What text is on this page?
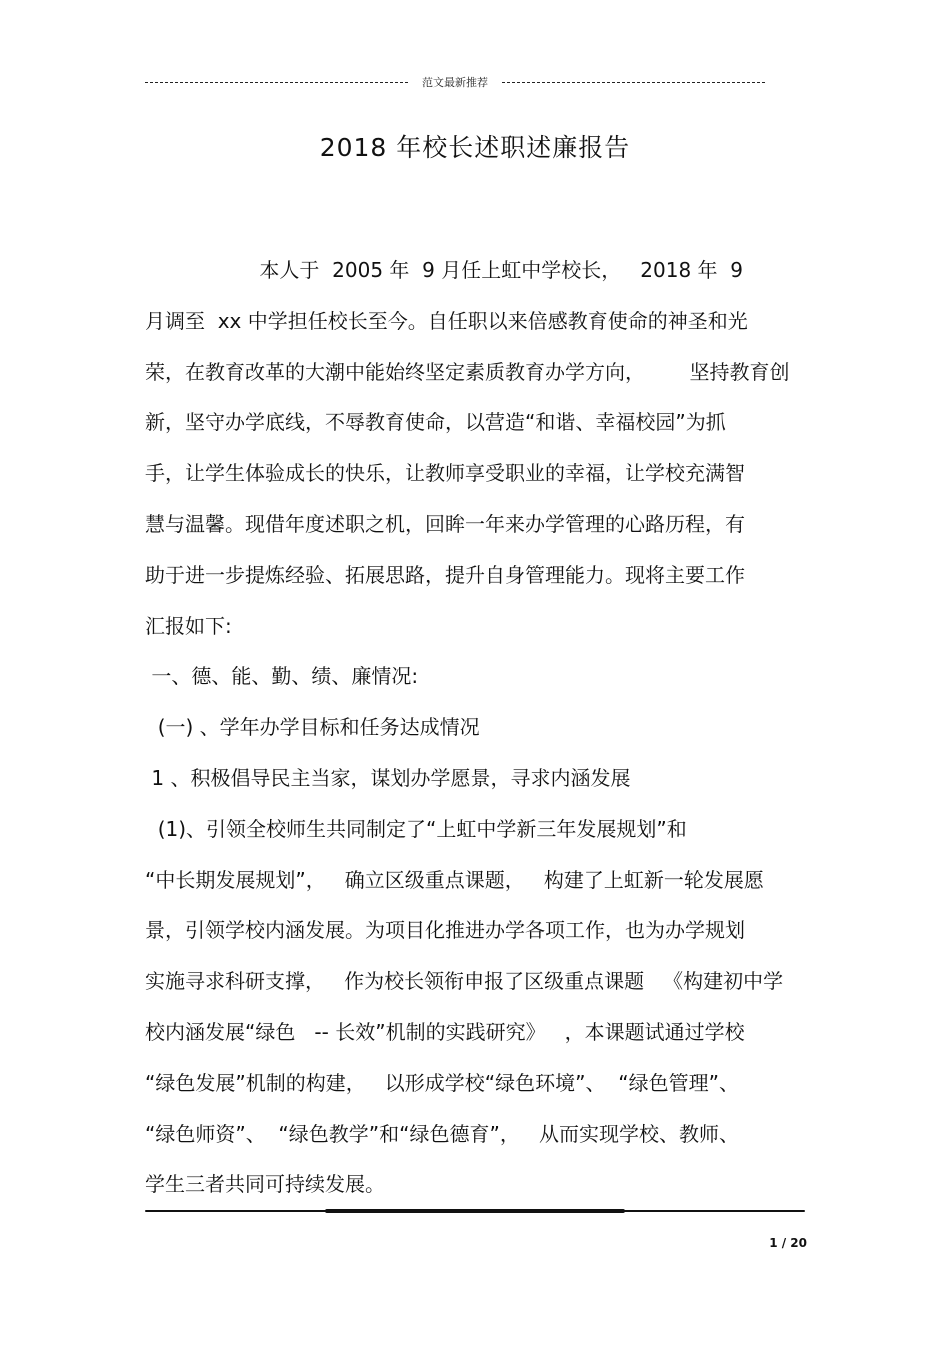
范文最新推荐
2018 年校长述职述廉报告
本人于  2005 年  9 月任上虹中学校长，   2018 年  9
月调至  xx 中学担任校长至今。自任职以来倍感教育使命的神圣和光
荣，在教育改革的大潮中能始终坚定素质教育办学方向，       坚持教育创
新，坚守办学底线，不辱教育使命，以营造“和谐、幸福校园”为抓
手，让学生体验成长的快乐，让教师享受职业的幸福，让学校充满智
慧与温馨。现借年度述职之机，回眸一年来办学管理的心路历程，有
助于进一步提炼经验、拓展思路，提升自身管理能力。现将主要工作
汇报如下:
一、德、能、勤、绩、廉情况:
(一) 、学年办学目标和任务达成情况
1 、积极倡导民主当家，谋划办学愿景，寻求内涵发展
(1)、引领全校师生共同制定了“上虹中学新三年发展规划”和
“中长期发展规划”，   确立区级重点课题，   构建了上虹新一轮发展愿
景，引领学校内涵发展。为项目化推进办学各项工作，也为办学规划
实施寻求科研支撑，   作为校长领衔申报了区级重点课题   《构建初中学
校内涵发展“绿色   -- 长效”机制的实践研究》   ，本课题试通过学校
“绿色发展”机制的构建，   以形成学校“绿色环境”、  “绿色管理”、
“绿色师资”、  “绿色教学”和“绿色德育”，   从而实现学校、教师、
学生三者共同可持续发展。
1 / 20
